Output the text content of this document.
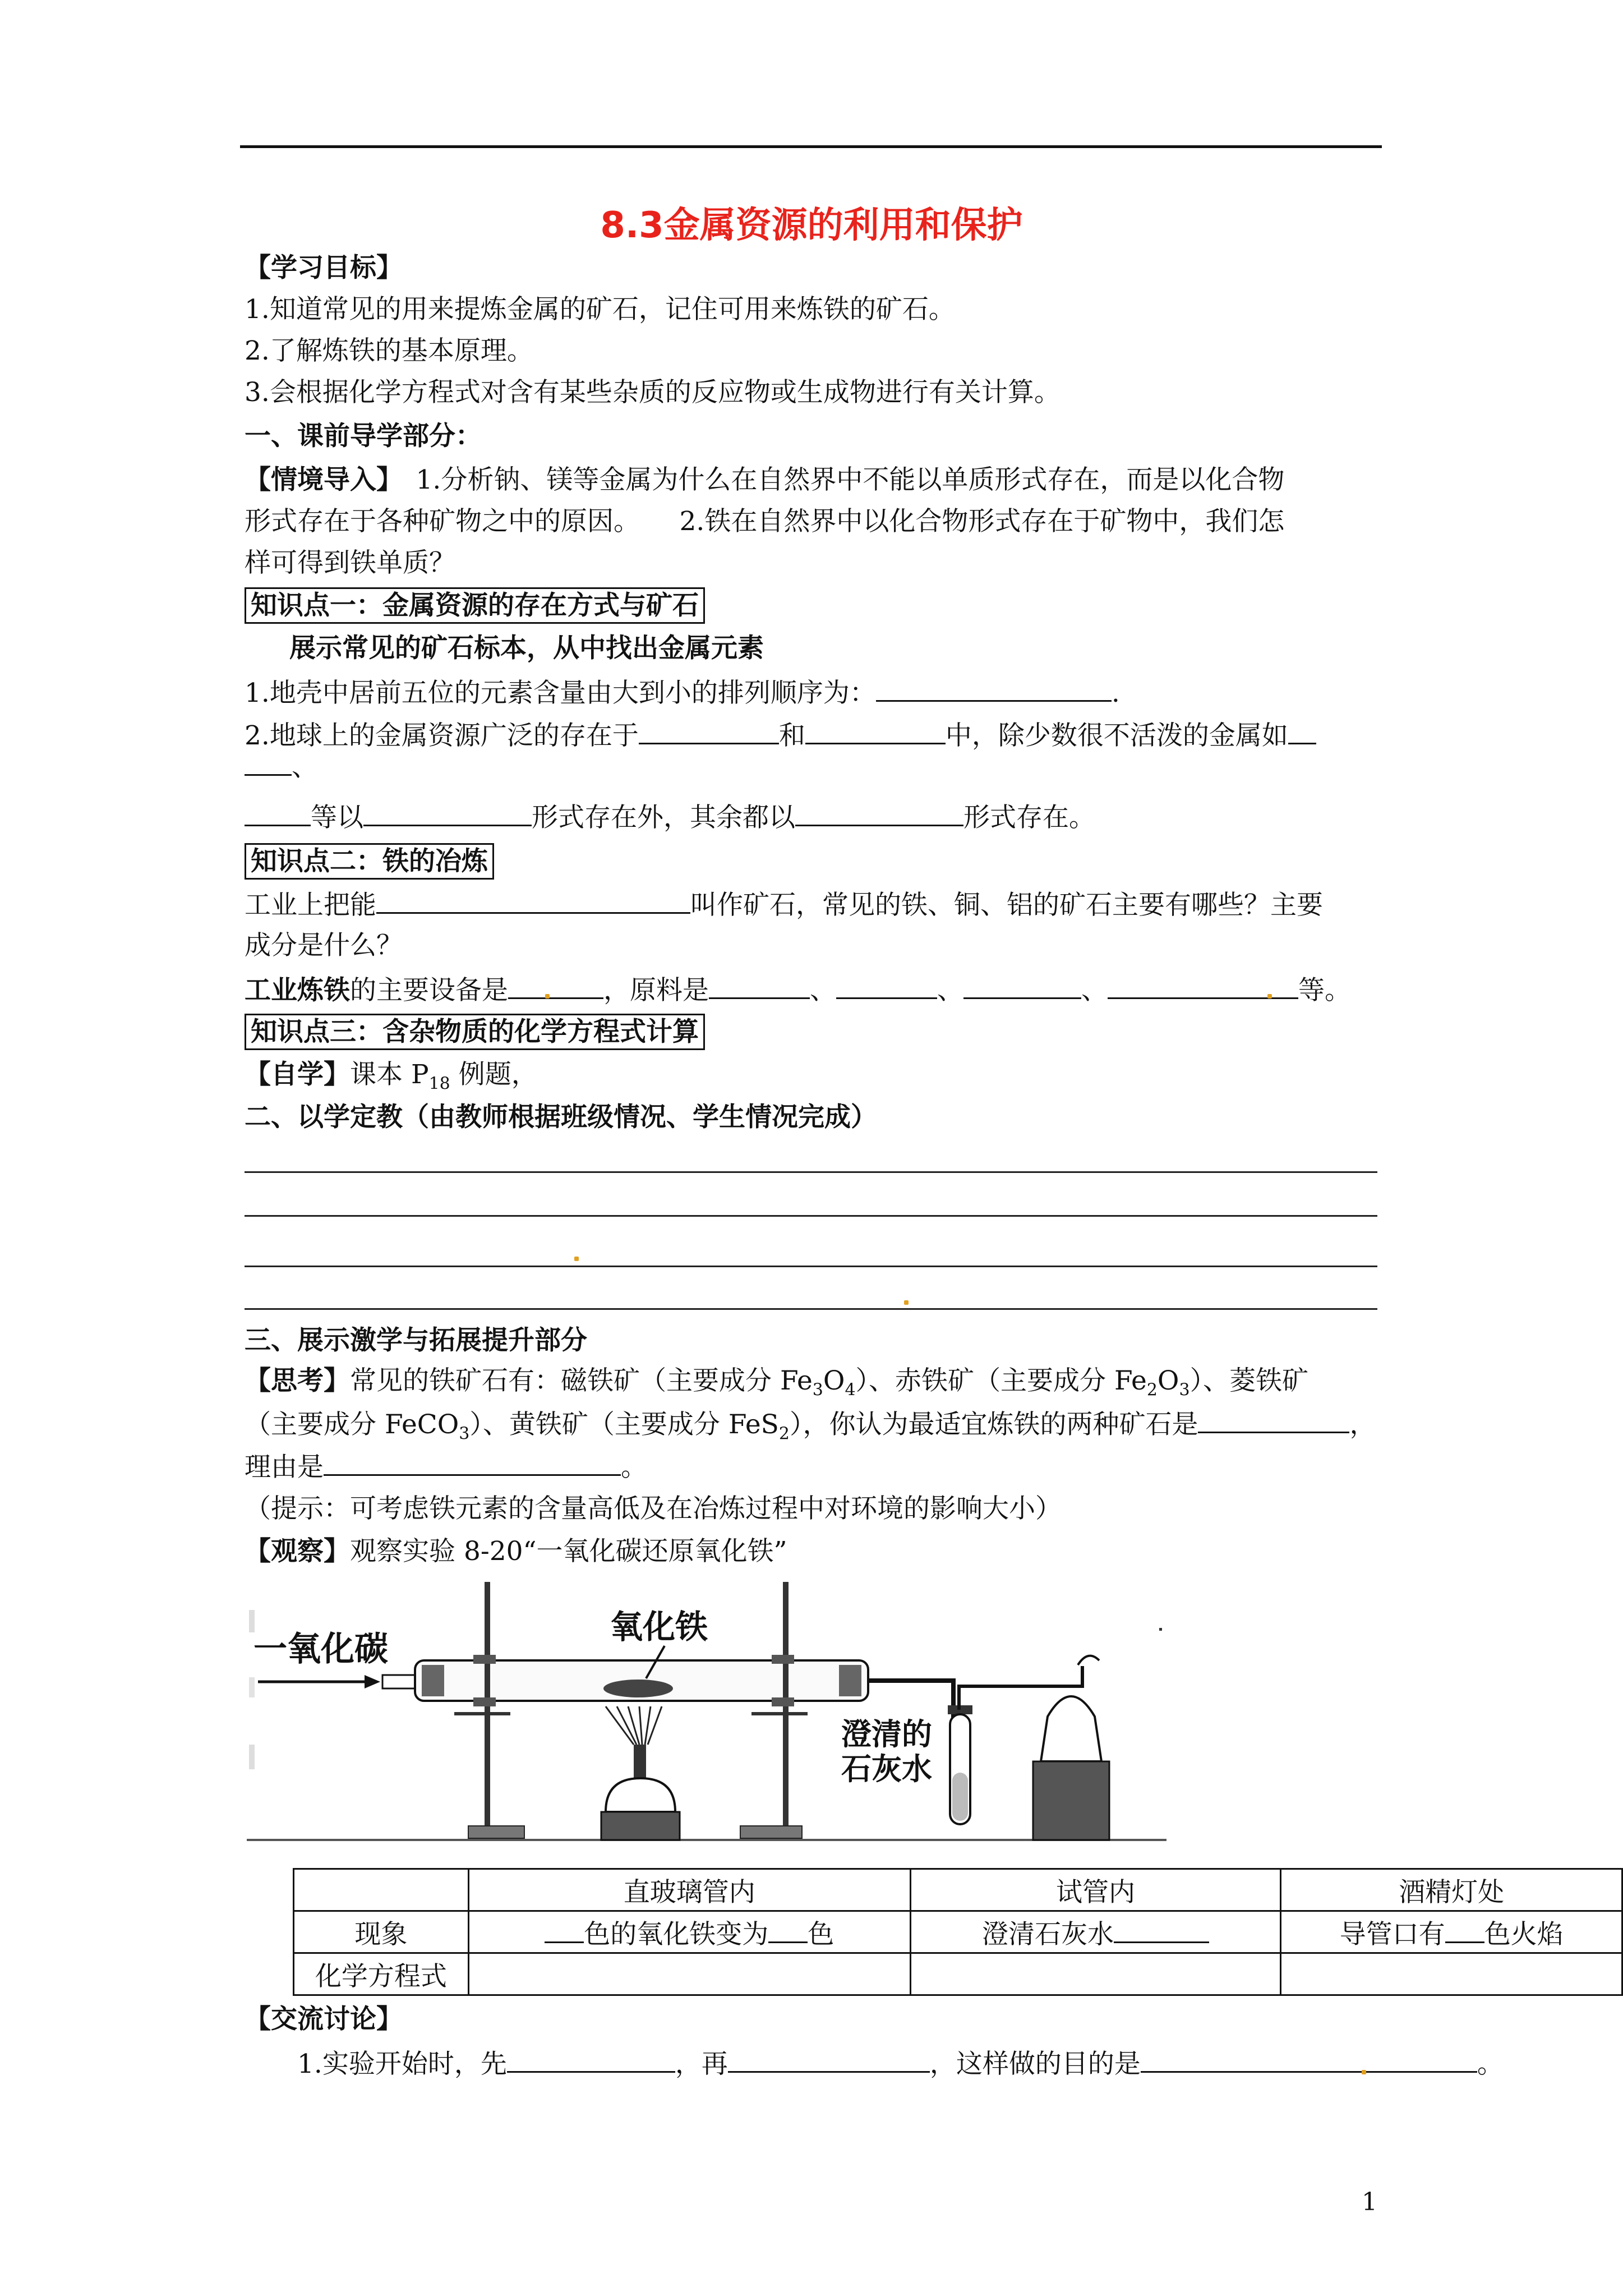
8.3金属资源的利用和保护
【学习目标】
1.知道常见的用来提炼金属的矿石，记住可用来炼铁的矿石。
2.了解炼铁的基本原理。
3.会根据化学方程式对含有某些杂质的反应物或生成物进行有关计算。
一、课前导学部分：
【情境导入】　 1.分析钠、镁等金属为什么在自然界中不能以单质形式存在，而是以化合物
形式存在于各种矿物之中的原因。　　2.铁在自然界中以化合物形式存在于矿物中，我们怎
样可得到铁单质？
知识点一：金属资源的存在方式与矿石
展示常见的矿石标本，从中找出金属元素
1.地壳中居前五位的元素含量由大到小的排列顺序为：	.
2.地球上的金属资源广泛的存在于	和	中，除少数很不活泼的金属如
、
等以	形式存在外，其余都以	形式存在。
知识点二：铁的冶炼
工业上把能	叫作矿石，常见的铁、铜、铝的矿石主要有哪些？主要
成分是什么？
工业炼铁的主要设备是	，原料是	、	、	、	等。
知识点三：含杂物质的化学方程式计算
【自学】课本 $P_{18}$ 例题，
二、以学定教（由教师根据班级情况、学生情况完成）
三、展示激学与拓展提升部分
【思考】常见的铁矿石有：磁铁矿（主要成分 $Fe_3O_4$）、赤铁矿（主要成分 $Fe_2O_3$）、菱铁矿
（主要成分 FeCO$_3$）、黄铁矿（主要成分 FeS$_2$），你认为最适宜炼铁的两种矿石是	，
理由是	。
（提示：可考虑铁元素的含量高低及在冶炼过程中对环境的影响大小）
【观察】观察实验 8-20“一氧化碳还原氧化铁”
一氧化碳
氧化铁
澄清的
石灰水
	直玻璃管内	试管内	酒精灯处
现象	色的氧化铁变为 色	澄清石灰水	导管口有 色火焰
化学方程式			
【交流讨论】
1.实验开始时，先	，再	，这样做的目的是	。
1
